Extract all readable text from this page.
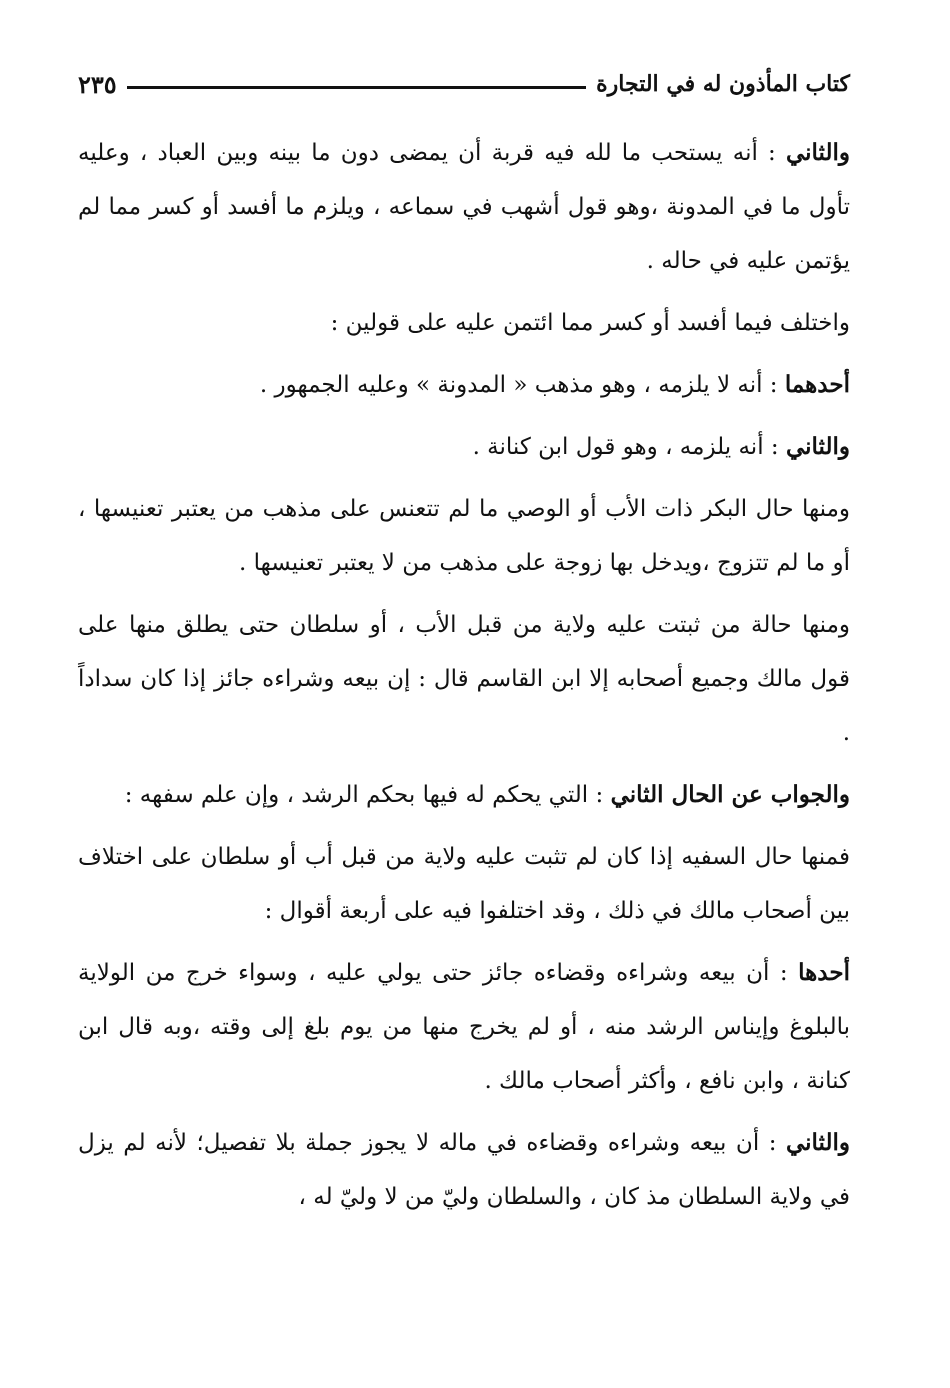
كتاب المأذون له في التجارة
٢٣٥

والثاني : أنه يستحب ما لله فيه قربة أن يمضى دون ما بينه وبين العباد ، وعليه تأول ما في المدونة ،وهو قول أشهب في سماعه ، ويلزم ما أفسد أو كسر مما لم يؤتمن عليه في حاله .

واختلف فيما أفسد أو كسر مما ائتمن عليه على قولين :

أحدهما : أنه لا يلزمه ، وهو مذهب « المدونة » وعليه الجمهور .

والثاني : أنه يلزمه ، وهو قول ابن كنانة .

ومنها حال البكر ذات الأب أو الوصي ما لم تتعنس على مذهب من يعتبر تعنيسها ، أو ما لم تتزوج ،ويدخل بها زوجة على مذهب من لا يعتبر تعنيسها .

ومنها حالة من ثبتت عليه ولاية من قبل الأب ، أو سلطان حتى يطلق منها على قول مالك وجميع أصحابه إلا ابن القاسم قال : إن بيعه وشراءه جائز إذا كان سداداً .

والجواب عن الحال الثاني : التي يحكم له فيها بحكم الرشد ، وإن علم سفهه :

فمنها حال السفيه إذا كان لم تثبت عليه ولاية من قبل أب أو سلطان على اختلاف بين أصحاب مالك في ذلك ، وقد اختلفوا فيه على أربعة أقوال :

أحدها : أن بيعه وشراءه وقضاءه جائز حتى يولي عليه ، وسواء خرج من الولاية بالبلوغ وإيناس الرشد منه ، أو لم يخرج منها من يوم بلغ إلى وقته ،وبه قال ابن كنانة ، وابن نافع ، وأكثر أصحاب مالك .

والثاني : أن بيعه وشراءه وقضاءه في ماله لا يجوز جملة بلا تفصيل؛ لأنه لم يزل في ولاية السلطان مذ كان ، والسلطان وليّ من لا وليّ له ،
